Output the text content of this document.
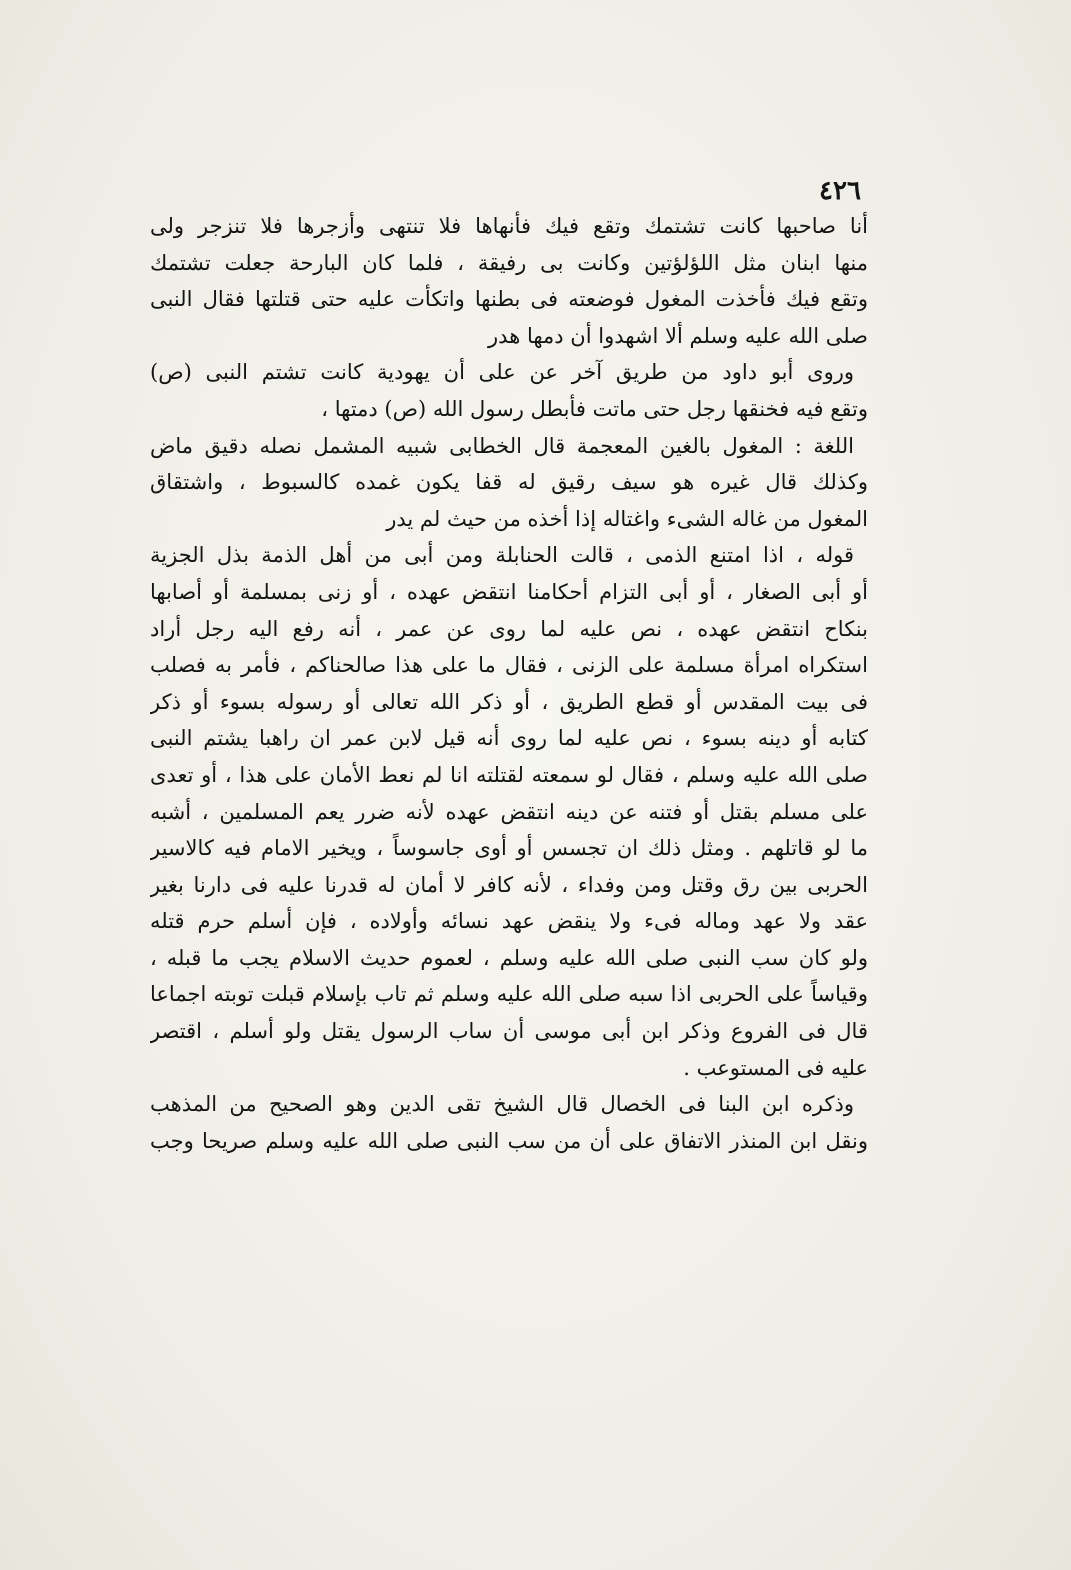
٤٢٦
أنا صاحبها كانت تشتمك وتقع فيك فأنهاها فلا تنتهى وأزجرها فلا تنزجر ولى
منها ابنان مثل اللؤلؤتين وكانت بى رفيقة ، فلما كان البارحة جعلت تشتمك
وتقع فيك فأخذت المغول فوضعته فى بطنها واتكأت عليه حتى قتلتها فقال النبى
صلى الله عليه وسلم ألا اشهدوا أن دمها هدر
وروى أبو داود من طريق آخر عن على أن يهودية كانت تشتم النبى (ص)
وتقع فيه فخنقها رجل حتى ماتت فأبطل رسول الله (ص) دمتها ،
اللغة : المغول بالغين المعجمة قال الخطابى شبيه المشمل نصله دقيق ماض
وكذلك قال غيره هو سيف رقيق له قفا يكون غمده كالسبوط ، واشتقاق
المغول من غاله الشىء واغتاله إذا أخذه من حيث لم يدر
قوله ، اذا امتنع الذمى ، قالت الحنابلة ومن أبى من أهل الذمة بذل الجزية
أو أبى الصغار ، أو أبى التزام أحكامنا انتقض عهده ، أو زنى بمسلمة أو أصابها
بنكاح انتقض عهده ، نص عليه لما روى عن عمر ، أنه رفع اليه رجل أراد
استكراه امرأة مسلمة على الزنى ، فقال ما على هذا صالحناكم ، فأمر به فصلب
فى بيت المقدس أو قطع الطريق ، أو ذكر الله تعالى أو رسوله بسوء أو ذكر
كتابه أو دينه بسوء ، نص عليه لما روى أنه قيل لابن عمر ان راهبا يشتم النبى
صلى الله عليه وسلم ، فقال لو سمعته لقتلته انا لم نعط الأمان على هذا ، أو تعدى
على مسلم بقتل أو فتنه عن دينه انتقض عهده لأنه ضرر يعم المسلمين ، أشبه
ما لو قاتلهم . ومثل ذلك ان تجسس أو أوى جاسوساً ، ويخير الامام فيه كالاسير
الحربى بين رق وقتل ومن وفداء ، لأنه كافر لا أمان له قدرنا عليه فى دارنا بغير
عقد ولا عهد وماله فىء ولا ينقض عهد نسائه وأولاده ، فإن أسلم حرم قتله
ولو كان سب النبى صلى الله عليه وسلم ، لعموم حديث الاسلام يجب ما قبله ،
وقياساً على الحربى اذا سبه صلى الله عليه وسلم ثم تاب بإسلام قبلت توبته اجماعا
قال فى الفروع وذكر ابن أبى موسى أن ساب الرسول يقتل ولو أسلم ، اقتصر
عليه فى المستوعب .
وذكره ابن البنا فى الخصال قال الشيخ تقى الدين وهو الصحيح من المذهب
ونقل ابن المنذر الاتفاق على أن من سب النبى صلى الله عليه وسلم صريحا وجب
